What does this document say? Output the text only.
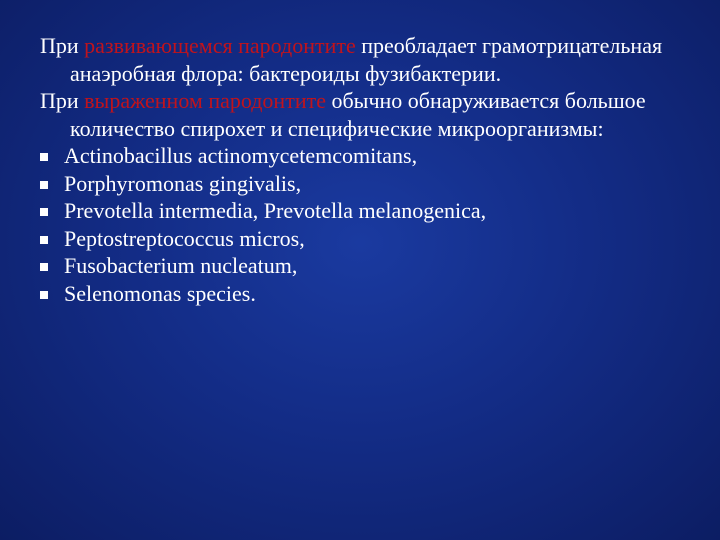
При развивающемся пародонтите преобладает грамотрицательная анаэробная флора: бактероиды фузибактерии.

При выраженном пародонтите обычно обнаруживается большое количество спирохет и специфические микроорганизмы:

Actinobacillus actinomycetemcomitans,
Porphyromonas gingivalis,
Prevotella intermedia, Prevotella melanogenica,
Peptostreptococcus micros,
Fusobacterium nucleatum,
Selenomonas species.
